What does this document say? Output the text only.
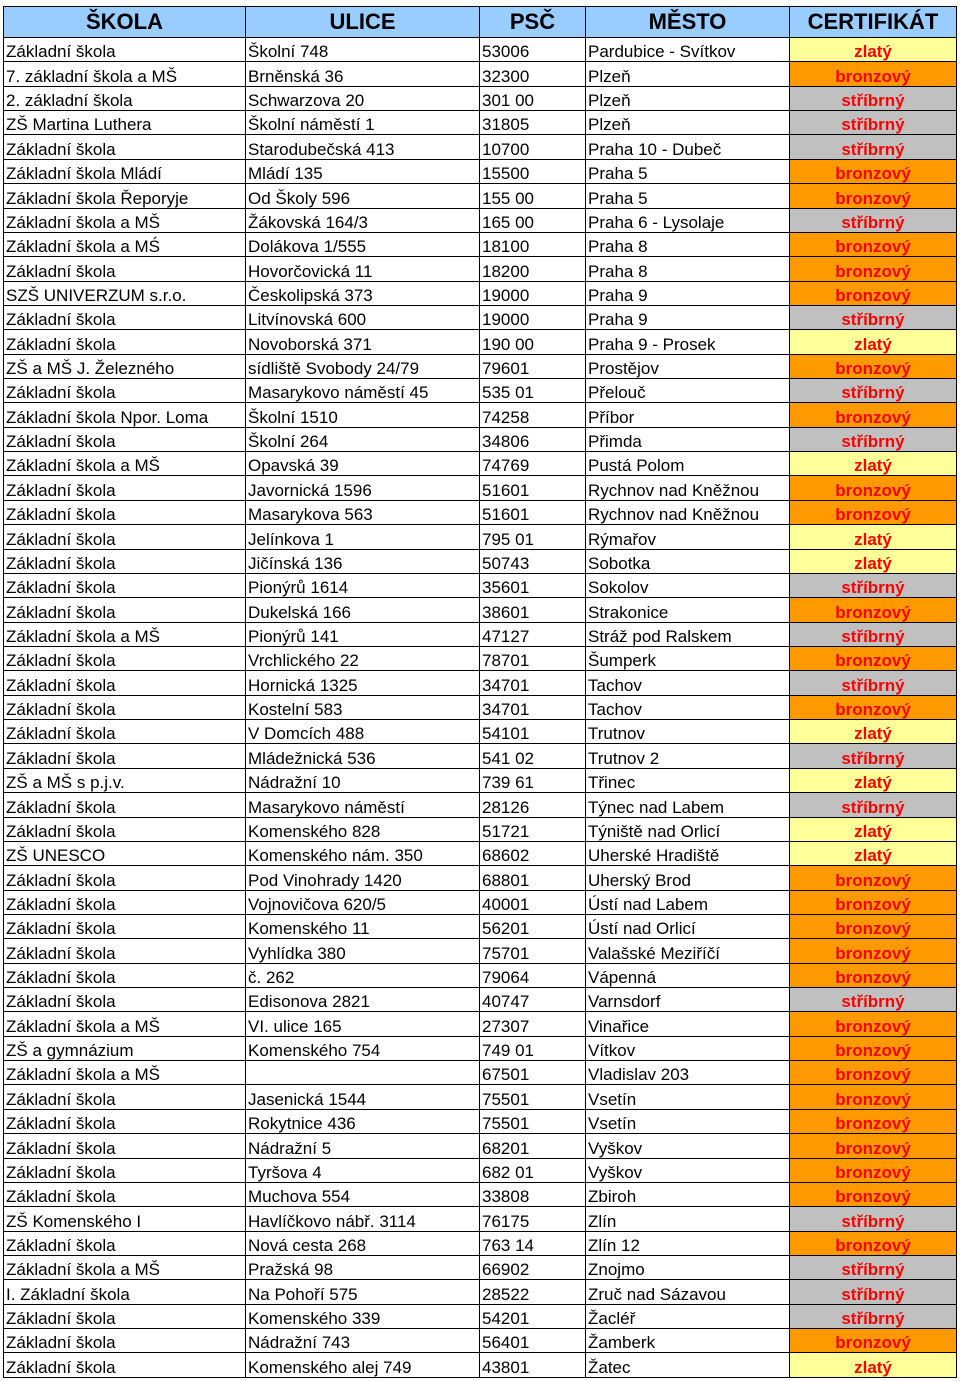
ŠKOLA	ULICE	PSČ	MĚSTO	CERTIFIKÁT
Základní škola	Školní 748	53006	Pardubice - Svítkov	zlatý
7. základní škola a MŠ	Brněnská 36	32300	Plzeň	bronzový
2. základní škola	Schwarzova 20	301 00	Plzeň	stříbrný
ZŠ Martina Luthera	Školní náměstí 1	31805	Plzeň	stříbrný
Základní škola	Starodubečská 413	10700	Praha 10 - Dubeč	stříbrný
Základní škola Mládí	Mládí 135	15500	Praha 5	bronzový
Základní škola Řeporyje	Od Školy 596	155 00	Praha 5	bronzový
Základní škola a MŠ	Žákovská 164/3	165 00	Praha 6 - Lysolaje	stříbrný
Základní škola a MŚ	Dolákova 1/555	18100	Praha 8	bronzový
Základní škola	Hovorčovická 11	18200	Praha 8	bronzový
SZŠ UNIVERZUM s.r.o.	Českolipská 373	19000	Praha 9	bronzový
Základní škola	Litvínovská 600	19000	Praha 9	stříbrný
Základní škola	Novoborská 371	190 00	Praha 9 - Prosek	zlatý
ZŠ a MŠ J. Železného	sídliště Svobody 24/79	79601	Prostějov	bronzový
Základní škola	Masarykovo náměstí 45	535 01	Přelouč	stříbrný
Základní škola Npor. Loma	Školní 1510	74258	Příbor	bronzový
Základní škola	Školní 264	34806	Přimda	stříbrný
Základní škola a MŠ	Opavská 39	74769	Pustá Polom	zlatý
Základní škola	Javornická 1596	51601	Rychnov nad Kněžnou	bronzový
Základní škola	Masarykova 563	51601	Rychnov nad Kněžnou	bronzový
Základní škola	Jelínkova 1	795 01	Rýmařov	zlatý
Základní škola	Jičínská 136	50743	Sobotka	zlatý
Základní škola	Pionýrů 1614	35601	Sokolov	stříbrný
Základní škola	Dukelská 166	38601	Strakonice	bronzový
Základní škola a MŠ	Pionýrů 141	47127	Stráž pod Ralskem	stříbrný
Základní škola	Vrchlického 22	78701	Šumperk	bronzový
Základní škola	Hornická 1325	34701	Tachov	stříbrný
Základní škola	Kostelní 583	34701	Tachov	bronzový
Základní škola	V Domcích 488	54101	Trutnov	zlatý
Základní škola	Mládežnická 536	541 02	Trutnov 2	stříbrný
ZŠ a MŠ s p.j.v.	Nádražní 10	739 61	Třinec	zlatý
Základní škola	Masarykovo náměstí	28126	Týnec nad Labem	stříbrný
Základní škola	Komenského 828	51721	Týniště nad Orlicí	zlatý
ZŠ UNESCO	Komenského nám. 350	68602	Uherské Hradiště	zlatý
Základní škola	Pod Vinohrady 1420	68801	Uherský Brod	bronzový
Základní škola	Vojnovičova 620/5	40001	Ústí nad Labem	bronzový
Základní škola	Komenského 11	56201	Ústí nad Orlicí	bronzový
Základní škola	Vyhlídka 380	75701	Valašské Meziříčí	bronzový
Základní škola	č. 262	79064	Vápenná	bronzový
Základní škola	Edisonova 2821	40747	Varnsdorf	stříbrný
Základní škola a MŠ	VI. ulice 165	27307	Vinařice	bronzový
ZŠ a gymnázium	Komenského 754	749 01	Vítkov	bronzový
Základní škola a MŠ		67501	Vladislav 203	bronzový
Základní škola	Jasenická 1544	75501	Vsetín	bronzový
Základní škola	Rokytnice 436	75501	Vsetín	bronzový
Základní škola	Nádražní 5	68201	Vyškov	bronzový
Základní škola	Tyršova 4	682 01	Vyškov	bronzový
Základní škola	Muchova 554	33808	Zbiroh	bronzový
ZŠ Komenského I	Havlíčkovo nábř. 3114	76175	Zlín	stříbrný
Základní škola	Nová cesta 268	763 14	Zlín 12	bronzový
Základní škola a MŠ	Pražská 98	66902	Znojmo	stříbrný
I. Základní škola	Na Pohoří 575	28522	Zruč nad Sázavou	stříbrný
Základní škola	Komenského 339	54201	Žacléř	stříbrný
Základní škola	Nádražní 743	56401	Žamberk	bronzový
Základní škola	Komenského alej 749	43801	Žatec	zlatý
